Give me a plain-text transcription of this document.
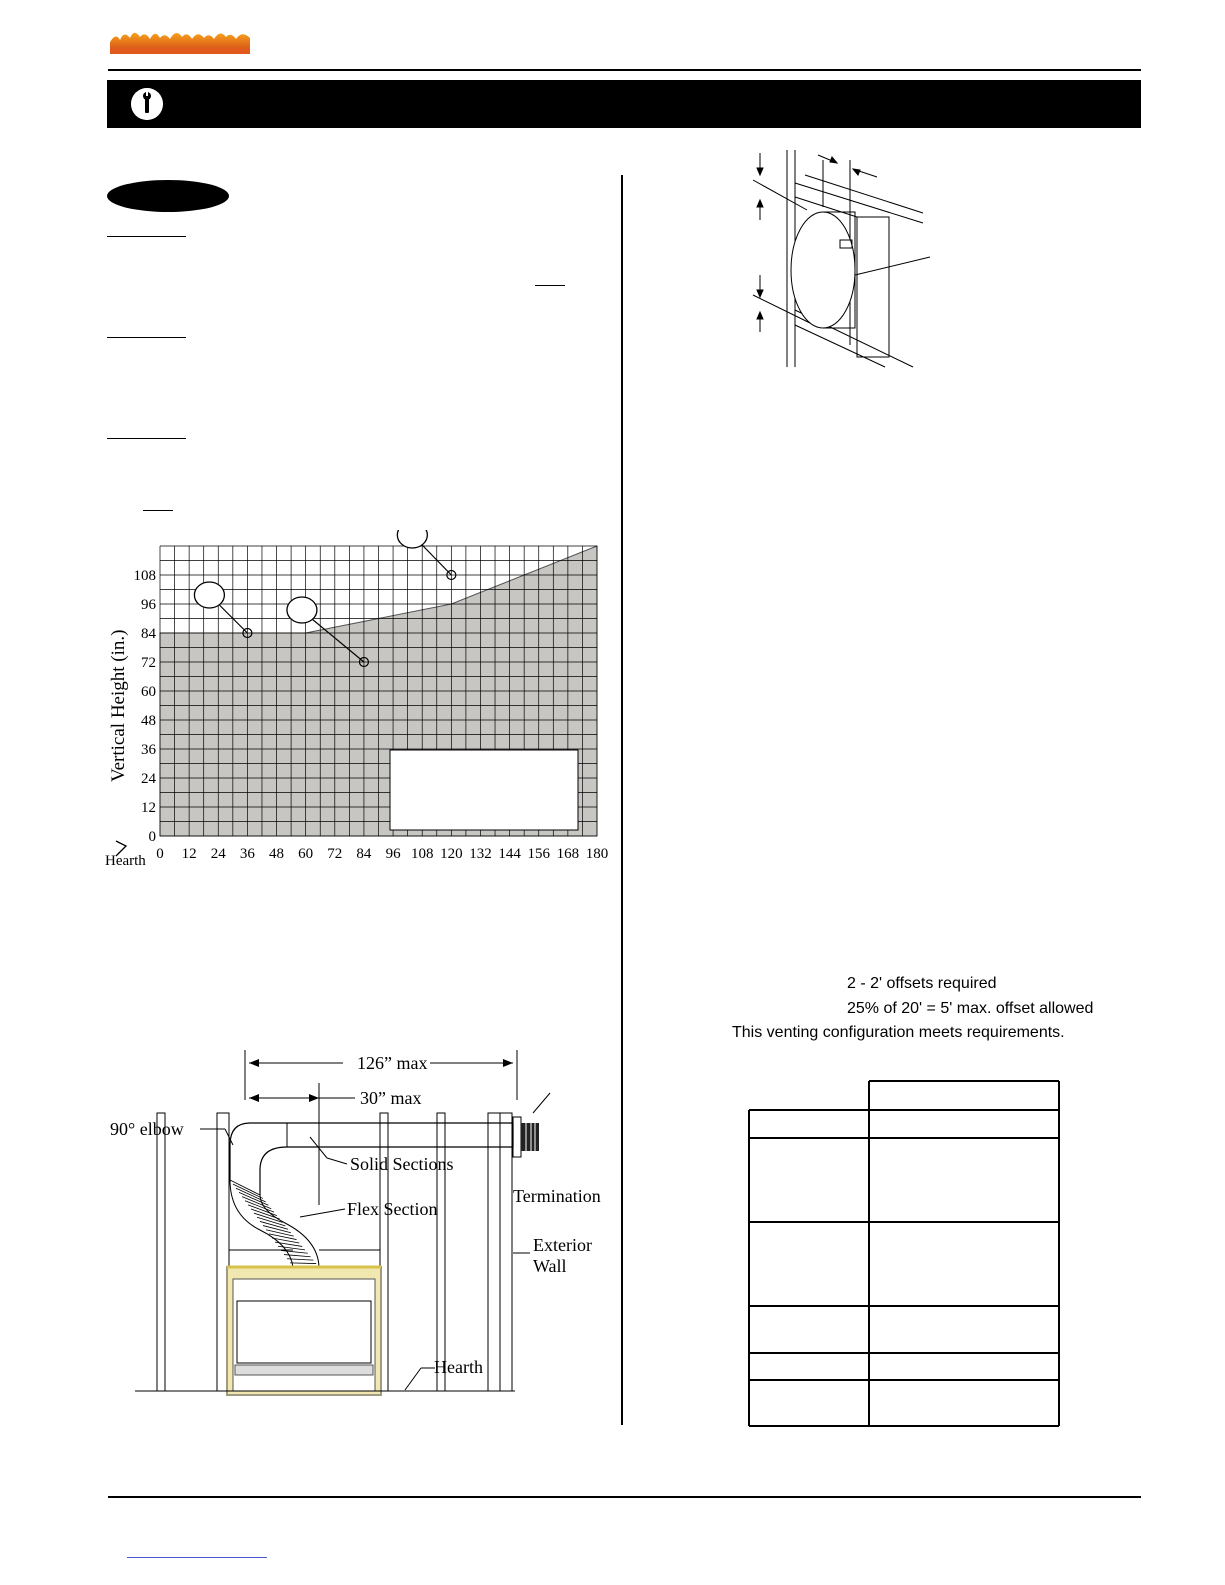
0 12 24 36 48 60 72 84 96 108 120 132 144 156 168 180
0
12
24
36
48
60
72
84
96
108
Hearth
Vertical Height (in.)
126” max
30” max
90° elbow
Solid Sections
Flex Section
Termination
Exterior
Wall
Hearth
2 - 2' offsets required
25% of 20' = 5' max. offset allowed
This venting configuration meets requirements.
